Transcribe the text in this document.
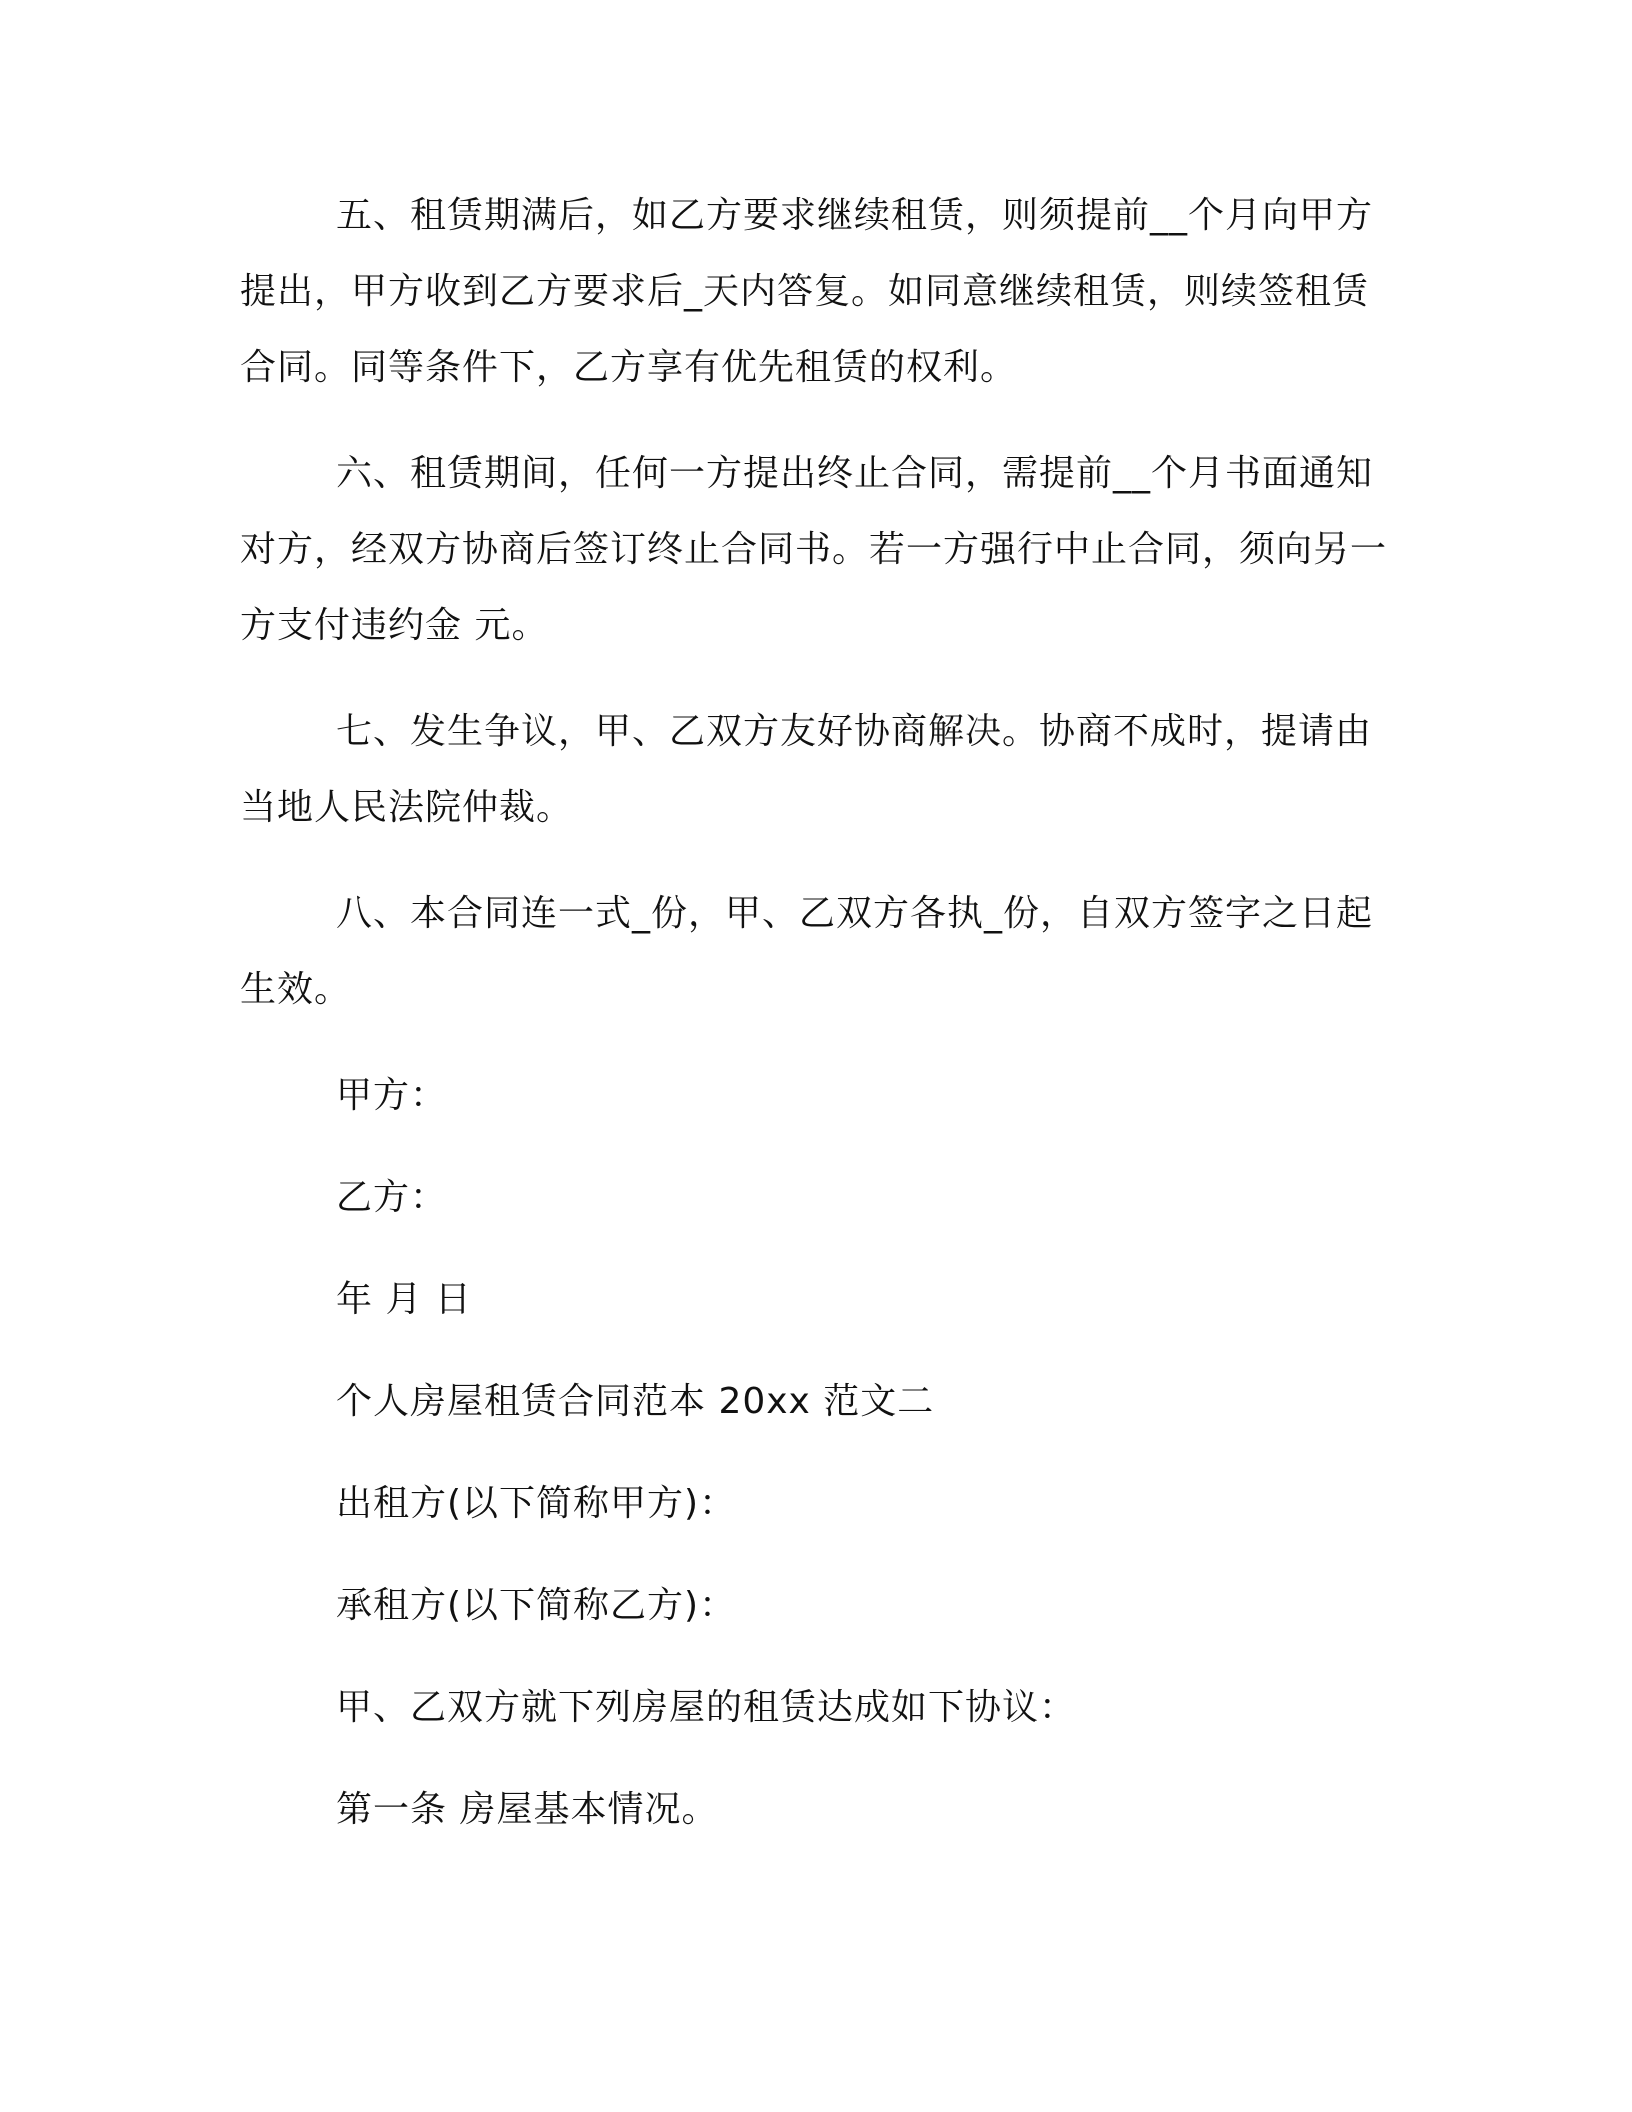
五、租赁期满后，如乙方要求继续租赁，则须提前__个月向甲方提出，甲方收到乙方要求后_天内答复。如同意继续租赁，则续签租赁合同。同等条件下，乙方享有优先租赁的权利。

六、租赁期间，任何一方提出终止合同，需提前__个月书面通知对方，经双方协商后签订终止合同书。若一方强行中止合同，须向另一方支付违约金 元。

七、发生争议，甲、乙双方友好协商解决。协商不成时，提请由当地人民法院仲裁。

八、本合同连一式_份，甲、乙双方各执_份，自双方签字之日起生效。

甲方：
乙方：
年 月 日
个人房屋租赁合同范本 20xx 范文二
出租方(以下简称甲方)：
承租方(以下简称乙方)：
甲、乙双方就下列房屋的租赁达成如下协议：
第一条 房屋基本情况。
